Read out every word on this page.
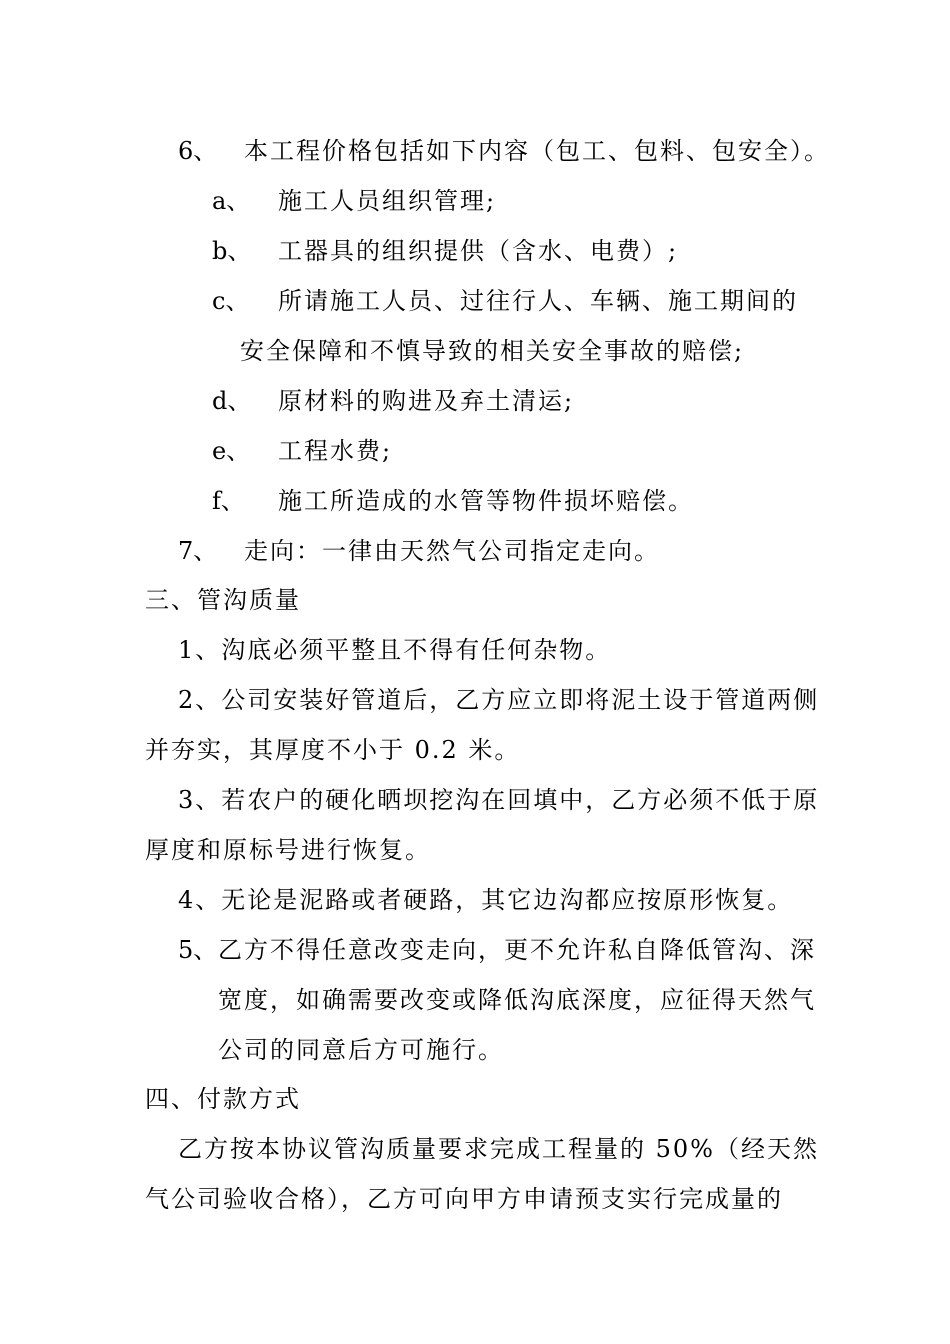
6、 本工程价格包括如下内容（包工、包料、包安全）。
a、 施工人员组织管理;
b、 工器具的组织提供（含水、电费）;
c、 所请施工人员、过往行人、车辆、施工期间的
安全保障和不慎导致的相关安全事故的赔偿;
d、 原材料的购进及弃土清运;
e、 工程水费;
f、 施工所造成的水管等物件损坏赔偿。
7、 走向：一律由天然气公司指定走向。
三、管沟质量
1、沟底必须平整且不得有任何杂物。
2、公司安装好管道后，乙方应立即将泥土设于管道两侧
并夯实，其厚度不小于 0.2 米。
3、若农户的硬化晒坝挖沟在回填中，乙方必须不低于原
厚度和原标号进行恢复。
4、无论是泥路或者硬路，其它边沟都应按原形恢复。
5、 乙方不得任意改变走向，更不允许私自降低管沟、深
宽度，如确需要改变或降低沟底深度，应征得天然气
公司的同意后方可施行。
四、付款方式
乙方按本协议管沟质量要求完成工程量的 50%（经天然
气公司验收合格），乙方可向甲方申请预支实行完成量的
